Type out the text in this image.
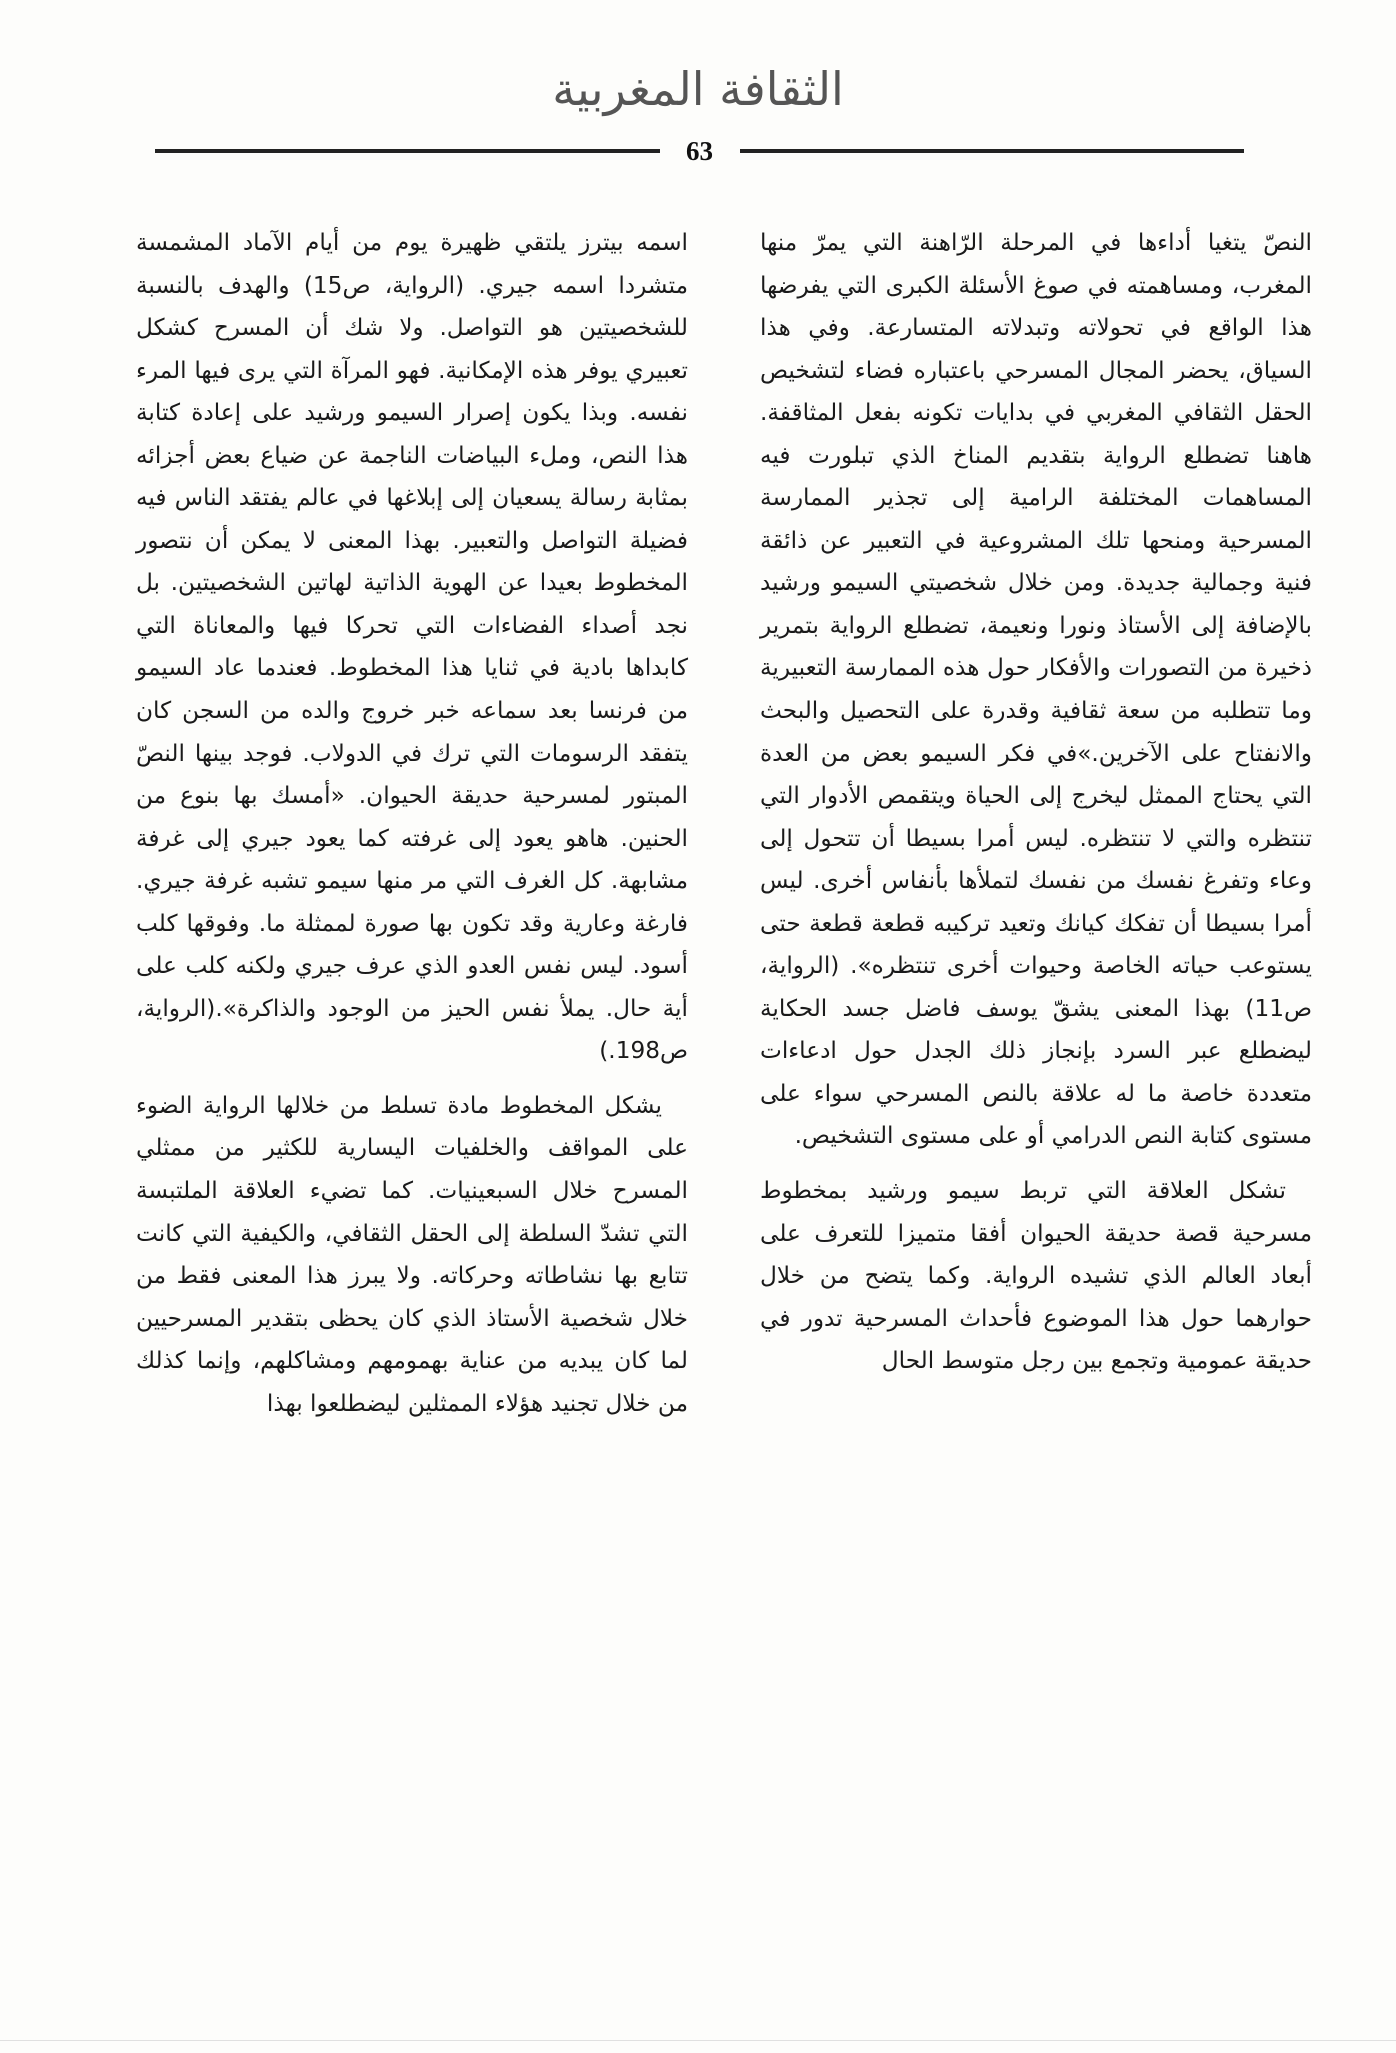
الثقافة المغربية
63

النصّ يتغيا أداءها في المرحلة الرّاهنة التي يمرّ منها المغرب، ومساهمته في صوغ الأسئلة الكبرى التي يفرضها هذا الواقع في تحولاته وتبدلاته المتسارعة. وفي هذا السياق، يحضر المجال المسرحي باعتباره فضاء لتشخيص الحقل الثقافي المغربي في بدايات تكونه بفعل المثاقفة. هاهنا تضطلع الرواية بتقديم المناخ الذي تبلورت فيه المساهمات المختلفة الرامية إلى تجذير الممارسة المسرحية ومنحها تلك المشروعية في التعبير عن ذائقة فنية وجمالية جديدة. ومن خلال شخصيتي السيمو ورشيد بالإضافة إلى الأستاذ ونورا ونعيمة، تضطلع الرواية بتمرير ذخيرة من التصورات والأفكار حول هذه الممارسة التعبيرية وما تتطلبه من سعة ثقافية وقدرة على التحصيل والبحث والانفتاح على الآخرين.»في فكر السيمو بعض من العدة التي يحتاج الممثل ليخرج إلى الحياة ويتقمص الأدوار التي تنتظره والتي لا تنتظره. ليس أمرا بسيطا أن تتحول إلى وعاء وتفرغ نفسك من نفسك لتملأها بأنفاس أخرى. ليس أمرا بسيطا أن تفكك كيانك وتعيد تركيبه قطعة قطعة حتى يستوعب حياته الخاصة وحيوات أخرى تنتظره». (الرواية، ص11) بهذا المعنى يشقّ يوسف فاضل جسد الحكاية ليضطلع عبر السرد بإنجاز ذلك الجدل حول ادعاءات متعددة خاصة ما له علاقة بالنص المسرحي سواء على مستوى كتابة النص الدرامي أو على مستوى التشخيص.

تشكل العلاقة التي تربط سيمو ورشيد بمخطوط مسرحية قصة حديقة الحيوان أفقا متميزا للتعرف على أبعاد العالم الذي تشيده الرواية. وكما يتضح من خلال حوارهما حول هذا الموضوع فأحداث المسرحية تدور في حديقة عمومية وتجمع بين رجل متوسط الحال

اسمه بيترز يلتقي ظهيرة يوم من أيام الآماد المشمسة متشردا اسمه جيري. (الرواية، ص15) والهدف بالنسبة للشخصيتين هو التواصل. ولا شك أن المسرح كشكل تعبيري يوفر هذه الإمكانية. فهو المرآة التي يرى فيها المرء نفسه. وبذا يكون إصرار السيمو ورشيد على إعادة كتابة هذا النص، وملء البياضات الناجمة عن ضياع بعض أجزائه بمثابة رسالة يسعيان إلى إبلاغها في عالم يفتقد الناس فيه فضيلة التواصل والتعبير. بهذا المعنى لا يمكن أن نتصور المخطوط بعيدا عن الهوية الذاتية لهاتين الشخصيتين. بل نجد أصداء الفضاءات التي تحركا فيها والمعاناة التي كابداها بادية في ثنايا هذا المخطوط. فعندما عاد السيمو من فرنسا بعد سماعه خبر خروج والده من السجن كان يتفقد الرسومات التي ترك في الدولاب. فوجد بينها النصّ المبتور لمسرحية حديقة الحيوان. «أمسك بها بنوع من الحنين. هاهو يعود إلى غرفته كما يعود جيري إلى غرفة مشابهة. كل الغرف التي مر منها سيمو تشبه غرفة جيري. فارغة وعارية وقد تكون بها صورة لممثلة ما. وفوقها كلب أسود. ليس نفس العدو الذي عرف جيري ولكنه كلب على أية حال. يملأ نفس الحيز من الوجود والذاكرة».(الرواية، ص198.)

يشكل المخطوط مادة تسلط من خلالها الرواية الضوء على المواقف والخلفيات اليسارية للكثير من ممثلي المسرح خلال السبعينيات. كما تضيء العلاقة الملتبسة التي تشدّ السلطة إلى الحقل الثقافي، والكيفية التي كانت تتابع بها نشاطاته وحركاته. ولا يبرز هذا المعنى فقط من خلال شخصية الأستاذ الذي كان يحظى بتقدير المسرحيين لما كان يبديه من عناية بهمومهم ومشاكلهم، وإنما كذلك من خلال تجنيد هؤلاء الممثلين ليضطلعوا بهذا
